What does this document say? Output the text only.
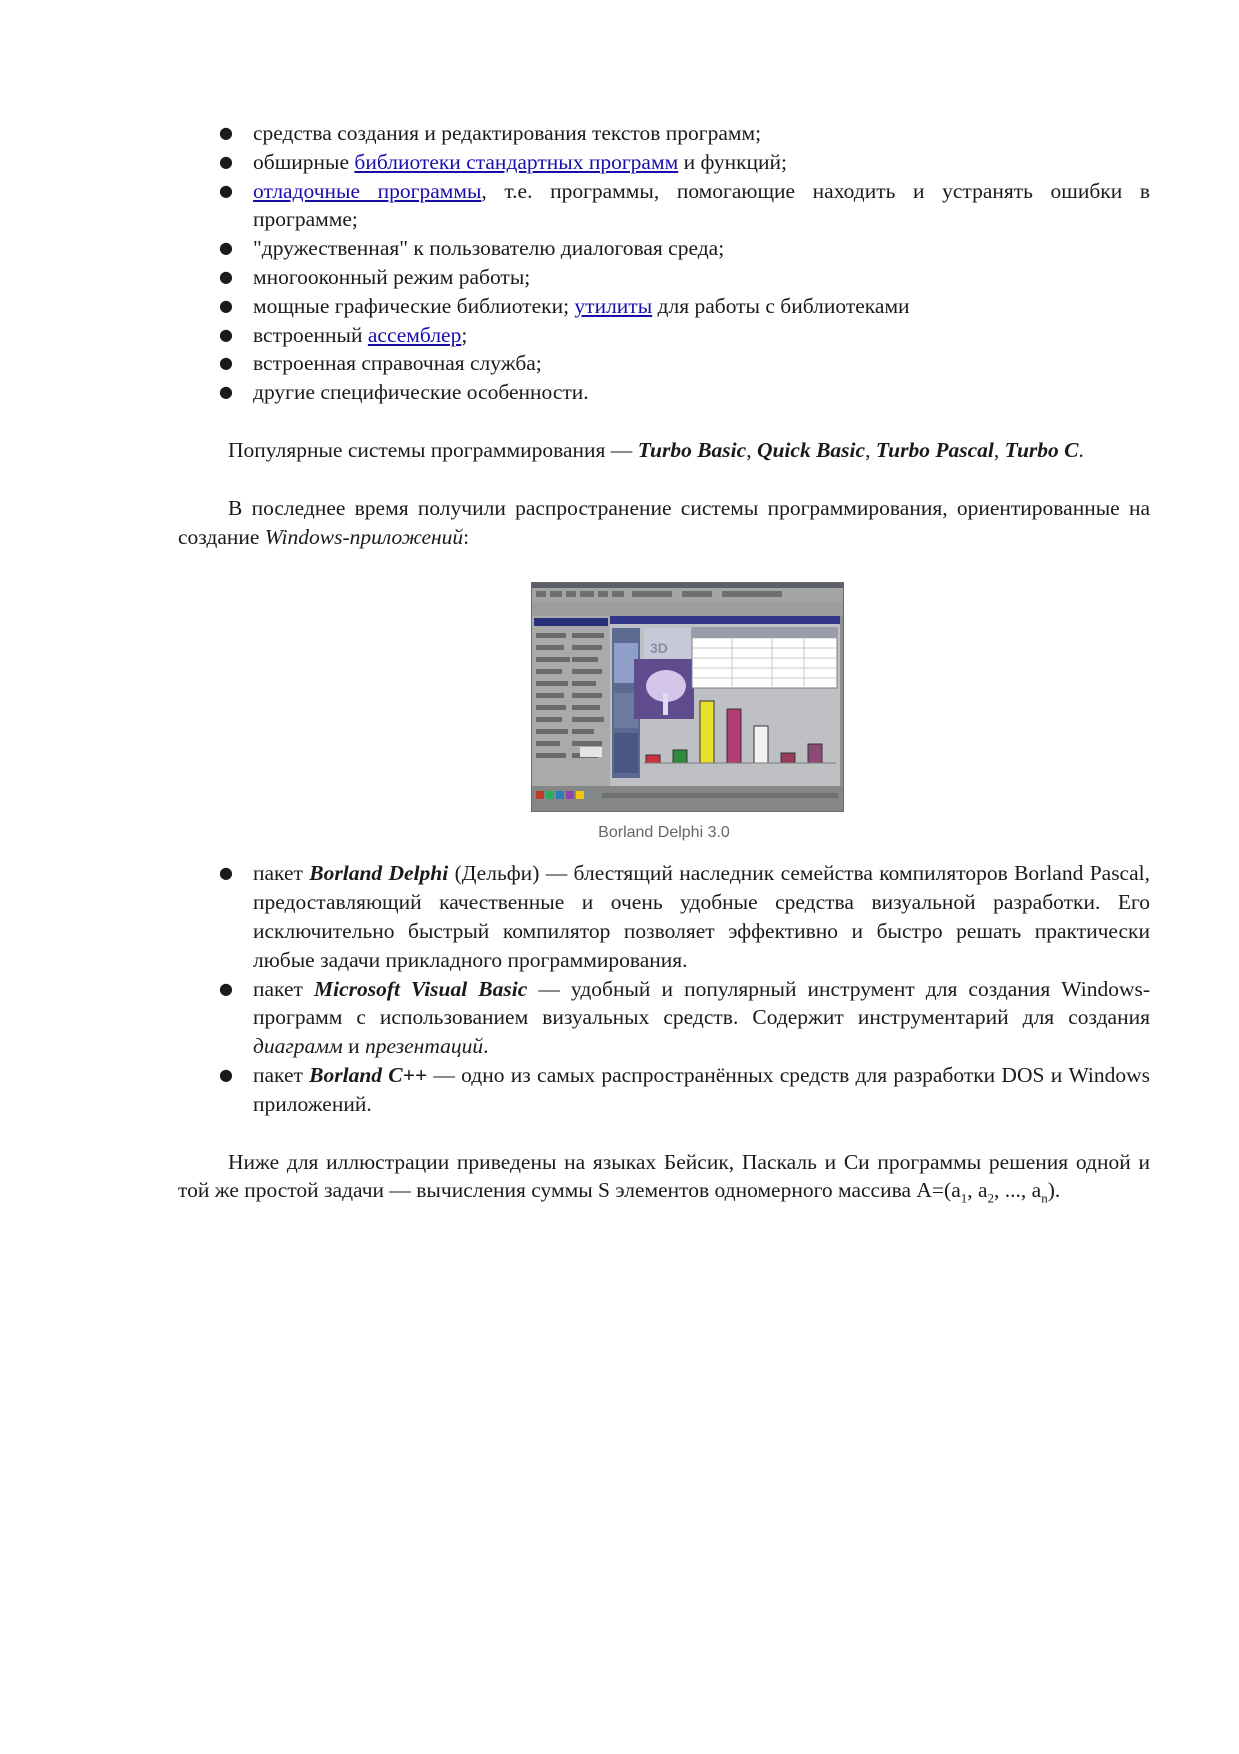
● средства создания и редактирования текстов программ;
● обширные библиотеки стандартных программ и функций;
● отладочные программы, т.е. программы, помогающие находить и устранять ошибки в программе;
● "дружественная" к пользователю диалоговая среда;
● многооконный режим работы;
● мощные графические библиотеки; утилиты для работы с библиотеками
● встроенный ассемблер;
● встроенная справочная служба;
● другие специфические особенности.

Популярные системы программирования — Turbo Basic, Quick Basic, Turbo Pascal, Turbo C.

В последнее время получили распространение системы программирования, ориентированные на создание Windows-приложений:

3D
Borland Delphi 3.0
● пакет Borland Delphi (Дельфи) — блестящий наследник семейства компиляторов Borland Pascal, предоставляющий качественные и очень удобные средства визуальной разработки. Его исключительно быстрый компилятор позволяет эффективно и быстро решать практически любые задачи прикладного программирования.
● пакет Microsoft Visual Basic — удобный и популярный инструмент для создания Windows-программ с использованием визуальных средств. Содержит инструментарий для создания диаграмм и презентаций.
● пакет Borland C++ — одно из самых распространённых средств для разработки DOS и Windows приложений.

Ниже для иллюстрации приведены на языках Бейсик, Паскаль и Си программы решения одной и той же простой задачи — вычисления суммы S элементов одномерного массива $A=(a_1$, $a_2$, ..., $a_n$).
